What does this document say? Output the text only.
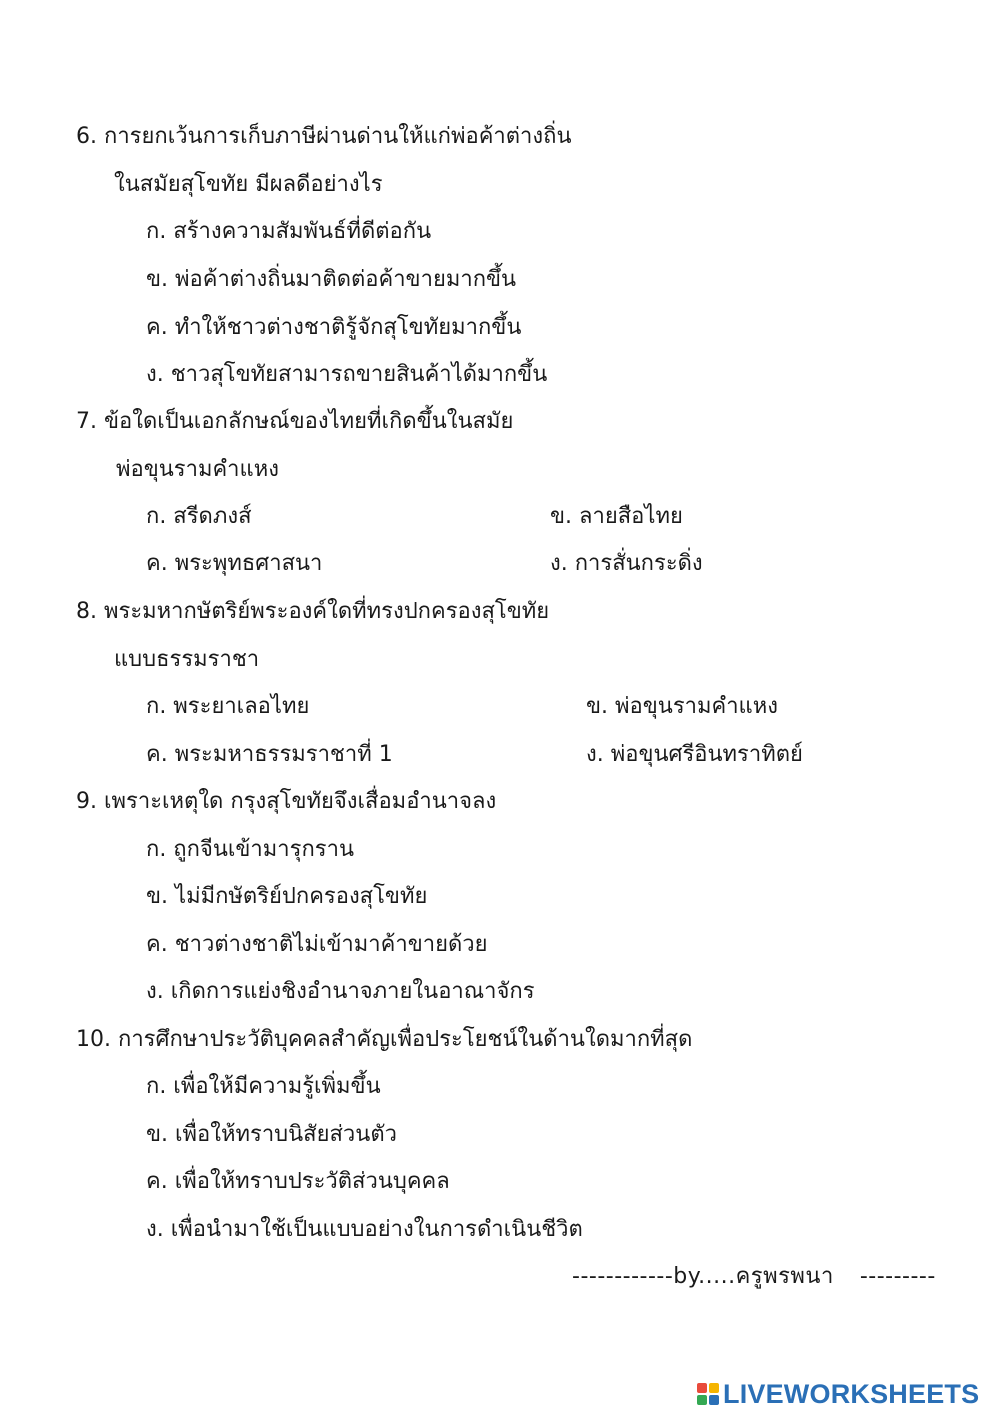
6. การยกเว้นการเก็บภาษีผ่านด่านให้แก่พ่อค้าต่างถิ่น
ในสมัยสุโขทัย มีผลดีอย่างไร
ก. สร้างความสัมพันธ์ที่ดีต่อกัน
ข. พ่อค้าต่างถิ่นมาติดต่อค้าขายมากขึ้น
ค. ทำให้ชาวต่างชาติรู้จักสุโขทัยมากขึ้น
ง. ชาวสุโขทัยสามารถขายสินค้าได้มากขึ้น
7. ข้อใดเป็นเอกลักษณ์ของไทยที่เกิดขึ้นในสมัย
พ่อขุนรามคำแหง
ก. สรีดภงส์	ข. ลายสือไทย
ค. พระพุทธศาสนา	ง. การสั่นกระดิ่ง
8. พระมหากษัตริย์พระองค์ใดที่ทรงปกครองสุโขทัย
แบบธรรมราชา
ก. พระยาเลอไทย	ข. พ่อขุนรามคำแหง
ค. พระมหาธรรมราชาที่ 1	ง. พ่อขุนศรีอินทราทิตย์
9. เพราะเหตุใด กรุงสุโขทัยจึงเสื่อมอำนาจลง
ก. ถูกจีนเข้ามารุกราน
ข. ไม่มีกษัตริย์ปกครองสุโขทัย
ค. ชาวต่างชาติไม่เข้ามาค้าขายด้วย
ง. เกิดการแย่งชิงอำนาจภายในอาณาจักร
10. การศึกษาประวัติบุคคลสำคัญเพื่อประโยชน์ในด้านใดมากที่สุด
ก. เพื่อให้มีความรู้เพิ่มขึ้น
ข. เพื่อให้ทราบนิสัยส่วนตัว
ค. เพื่อให้ทราบประวัติส่วนบุคคล
ง. เพื่อนำมาใช้เป็นแบบอย่างในการดำเนินชีวิต
------------by.....ครูพรพนา ---------
LIVEWORKSHEETS
